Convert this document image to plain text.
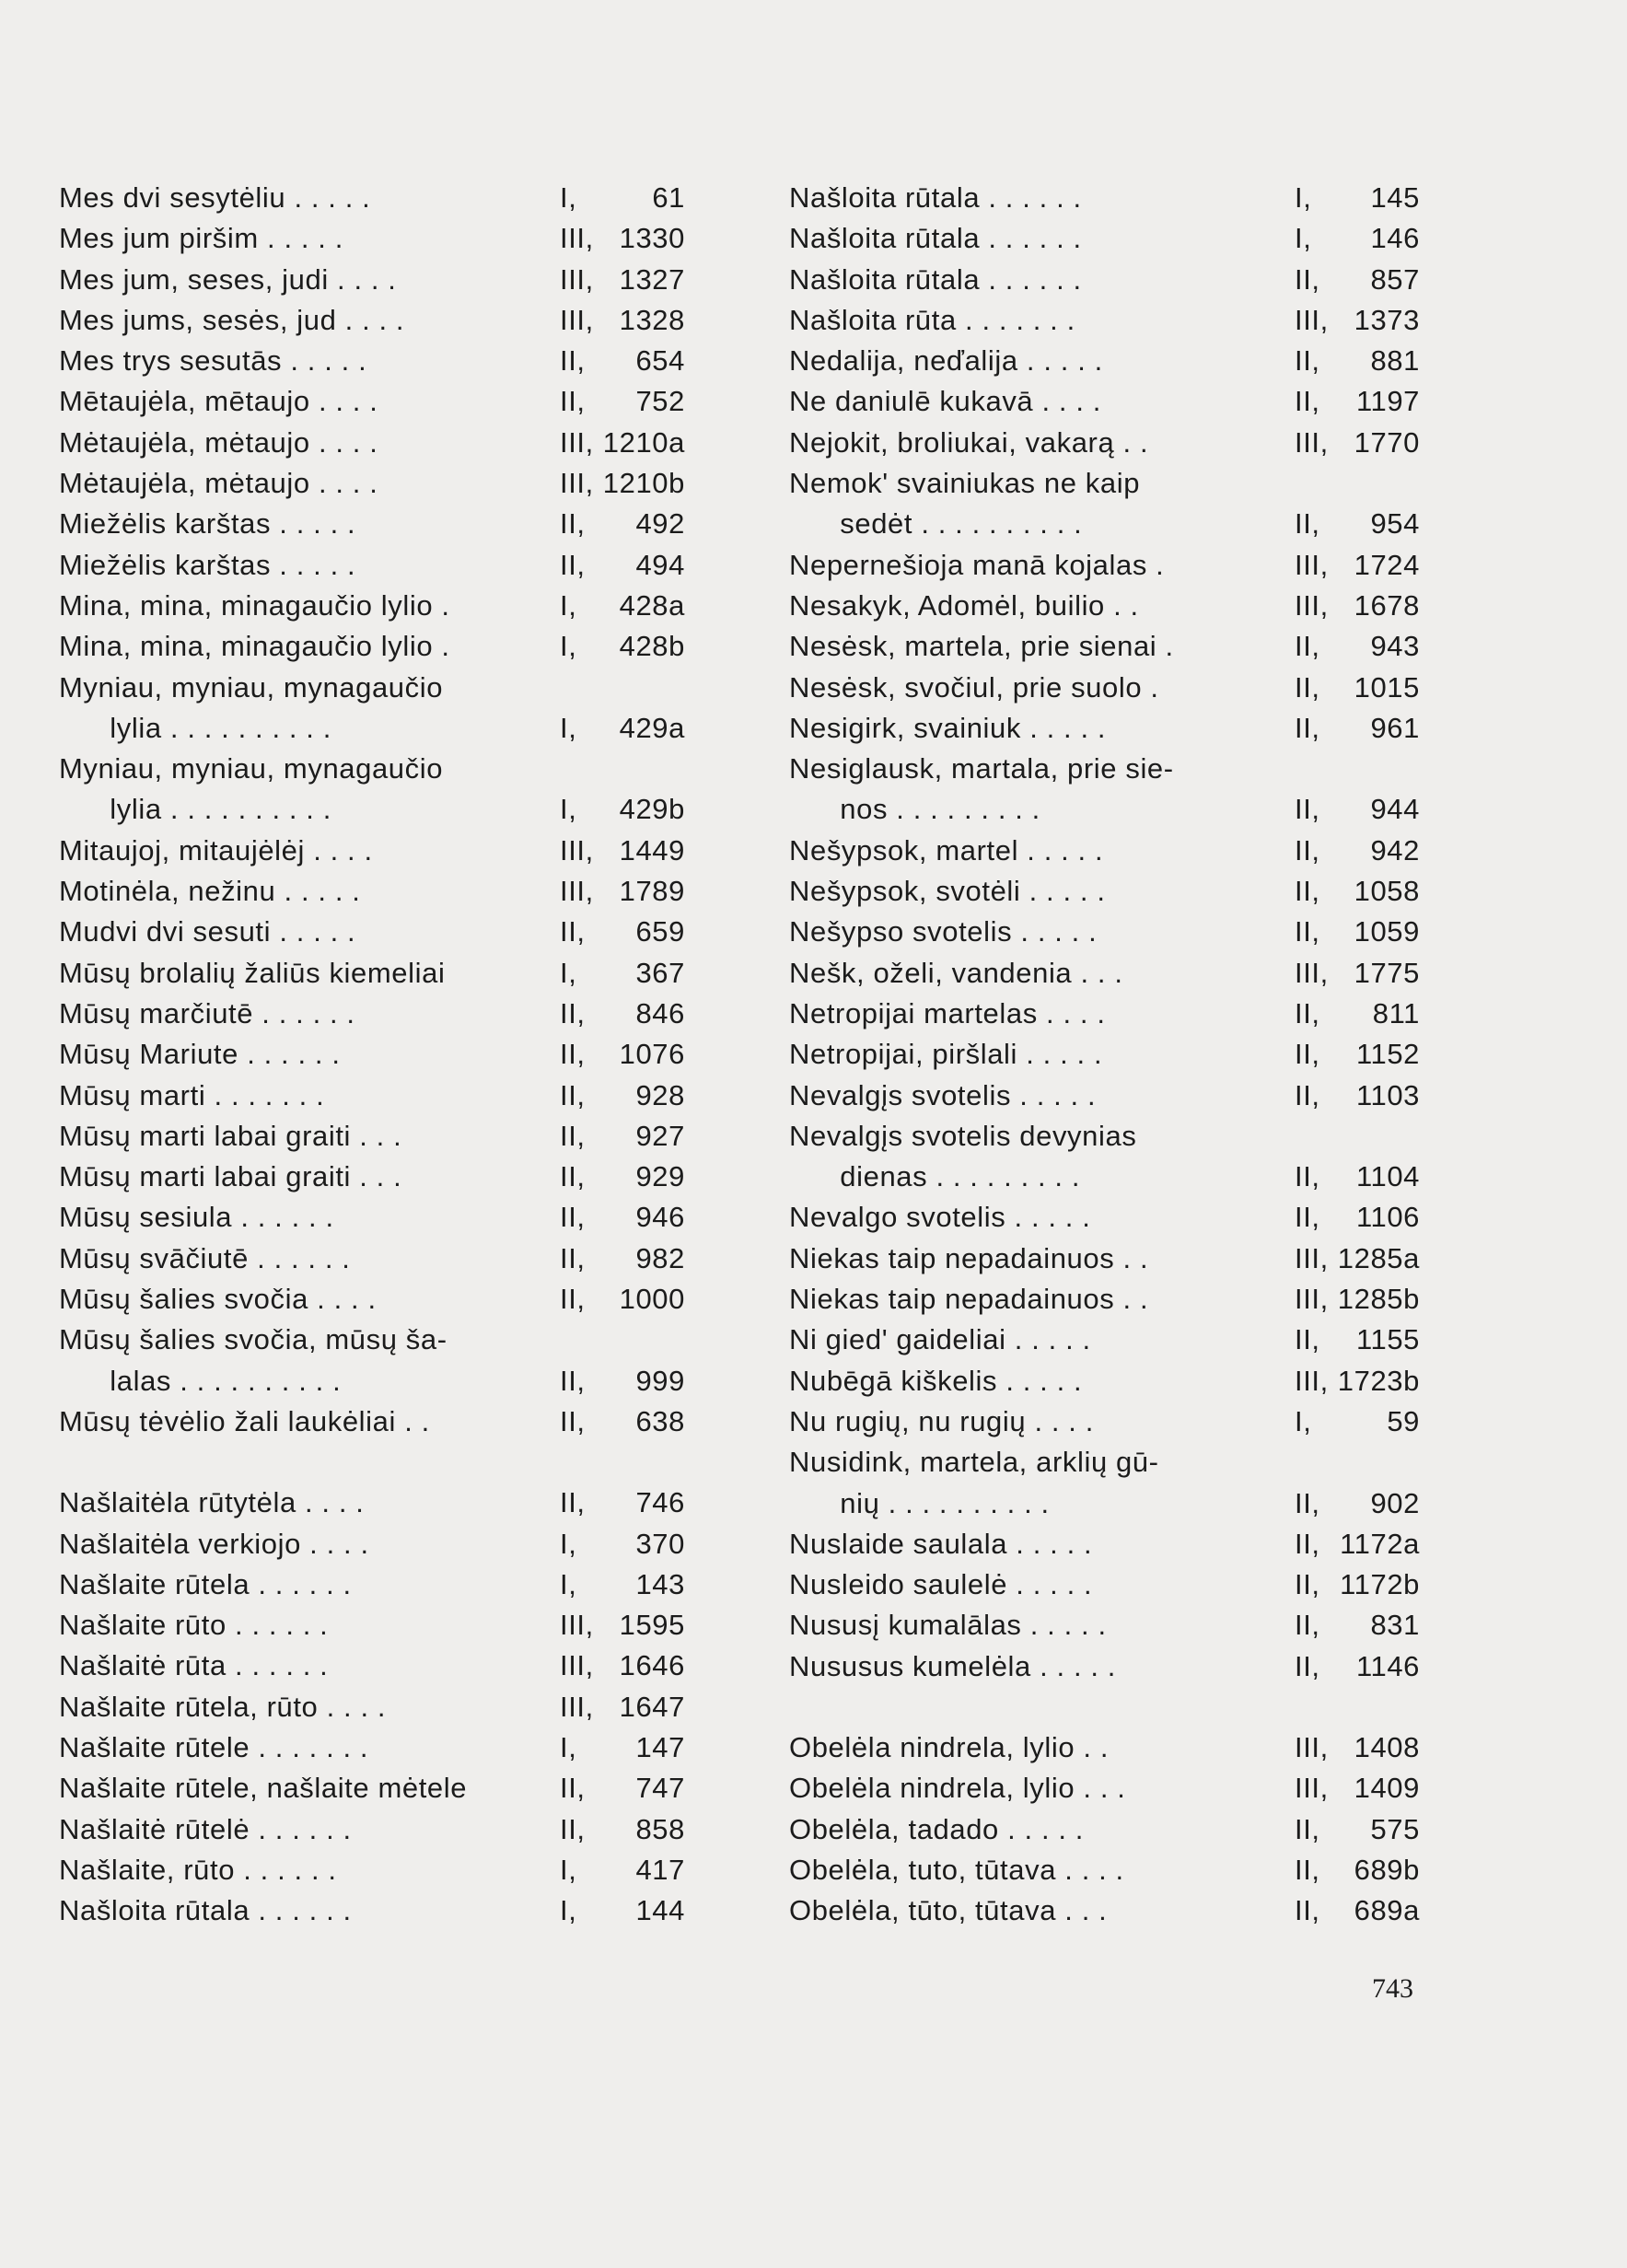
Mes dvi sesytėliu . . . . .	I,	61
Mes jum piršim . . . . .	III, 1330
Mes jum, seses, judi . . . .	III, 1327
Mes jums, sesės, jud . . . .	III, 1328
Mes trys sesutās . . . . .	II,	654
Mētaujėla, mētaujo . . . .	II,	752
Mėtaujėla, mėtaujo . . . .	III, 1210a
Mėtaujėla, mėtaujo . . . .	III, 1210b
Miežėlis karštas . . . . .	II,	492
Miežėlis karštas . . . . .	II,	494
Mina, mina, minagaučio lylio .	I,	428a
Mina, mina, minagaučio lylio .	I,	428b
Myniau, myniau, mynagaučio
lylia . . . . . . . . . .	I,	429a
Myniau, myniau, mynagaučio
lylia . . . . . . . . . .	I,	429b
Mitaujoj, mitaujėlėj . . . .	III, 1449
Motinėla, nežinu . . . . .	III, 1789
Mudvi dvi sesuti . . . . .	II,	659
Mūsų brolalių žaliūs kiemeliai	I,	367
Mūsų marčiutē . . . . . .	II,	846
Mūsų Mariute . . . . . .	II,	1076
Mūsų marti . . . . . . .	II,	928
Mūsų marti labai graiti . . .	II,	927
Mūsų marti labai graiti . . .	II,	929
Mūsų sesiula . . . . . .	II,	946
Mūsų svāčiutē . . . . . .	II,	982
Mūsų šalies svočia . . . .	II,	1000
Mūsų šalies svočia, mūsų ša-
lalas . . . . . . . . . .	II,	999
Mūsų tėvėlio žali laukėliai . .	II,	638
Našlaitėla rūtytėla . . . .	II,	746
Našlaitėla verkiojo . . . .	I,	370
Našlaite rūtela . . . . . .	I,	143
Našlaite rūto . . . . . .	III, 1595
Našlaitė rūta . . . . . .	III, 1646
Našlaite rūtela, rūto . . . .	III, 1647
Našlaite rūtele . . . . . . .	I,	147
Našlaite rūtele, našlaite mėtele	II,	747
Našlaitė rūtelė . . . . . .	II,	858
Našlaite, rūto . . . . . .	I,	417
Našloita rūtala . . . . . .	I,	144
Našloita rūtala . . . . . .	I,	145
Našloita rūtala . . . . . .	I,	146
Našloita rūtala . . . . . .	II,	857
Našloita rūta . . . . . . .	III, 1373
Nedalija, neďalija . . . . .	II,	881
Ne daniulē kukavā . . . .	II,	1197
Nejokit, broliukai, vakarą . .	III, 1770
Nemok' svainiukas ne kaip
sedėt . . . . . . . . . .	II,	954
Nepernešioja manā kojalas .	III, 1724
Nesakyk, Adomėl, builio . .	III, 1678
Nesėsk, martela, prie sienai .	II,	943
Nesėsk, svočiul, prie suolo .	II,	1015
Nesigirk, svainiuk . . . . .	II,	961
Nesiglausk, martala, prie sie-
nos . . . . . . . . .	II,	944
Nešypsok, martel . . . . .	II,	942
Nešypsok, svotėli . . . . .	II,	1058
Nešypso svotelis . . . . .	II,	1059
Nešk, oželi, vandenia . . .	III, 1775
Netropijai martelas . . . .	II,	811
Netropijai, piršlali . . . . .	II,	1152
Nevalgįs svotelis . . . . .	II,	1103
Nevalgįs svotelis devynias
dienas . . . . . . . . .	II,	1104
Nevalgo svotelis . . . . .	II,	1106
Niekas taip nepadainuos . .	III, 1285a
Niekas taip nepadainuos . .	III, 1285b
Ni gied' gaideliai . . . . .	II,	1155
Nubēgā kiškelis . . . . .	III, 1723b
Nu rugių, nu rugių . . . .	I,	59
Nusidink, martela, arklių gū-
nių . . . . . . . . . .	II,	902
Nuslaide saulala . . . . .	II, 1172a
Nusleido saulelė . . . . .	II, 1172b
Nususį kumalālas . . . . .	II,	831
Nususus kumelėla . . . . .	II,	1146
Obelėla nindrela, lylio . .	III, 1408
Obelėla nindrela, lylio . . .	III, 1409
Obelėla, tadado . . . . .	II,	575
Obelėla, tuto, tūtava . . . .	II,	689b
Obelėla, tūto, tūtava . . .	II,	689a
743
